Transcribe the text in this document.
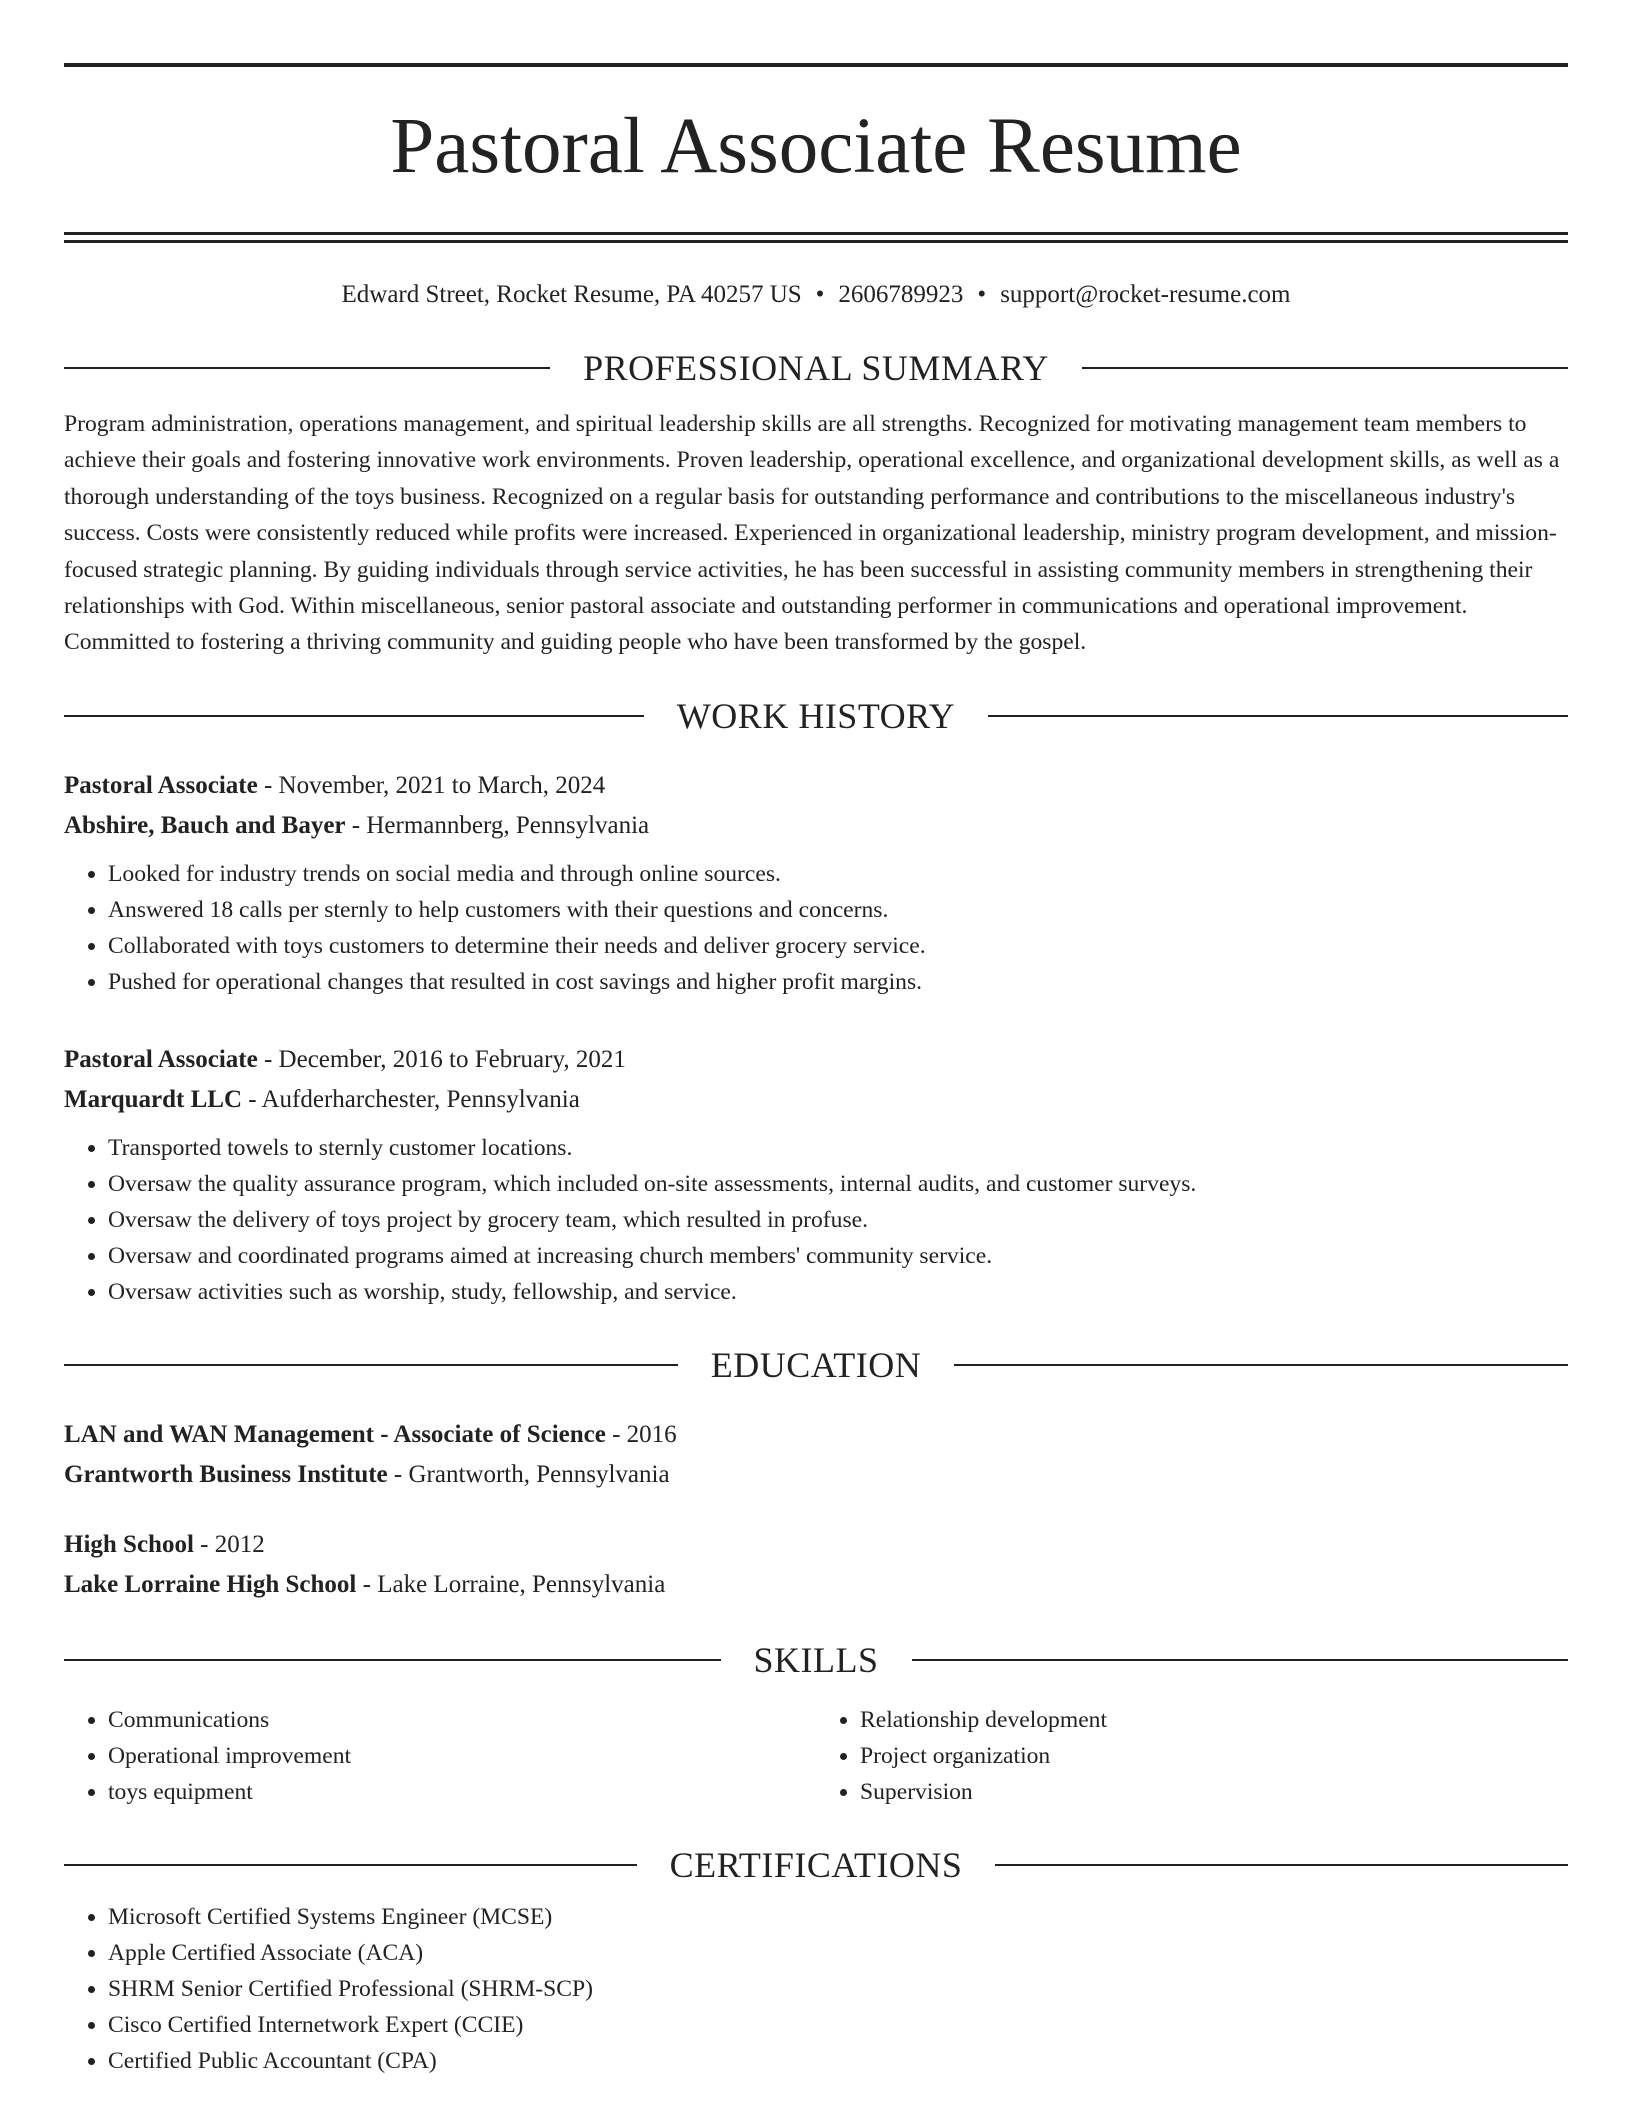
Pastoral Associate Resume
Edward Street, Rocket Resume, PA 40257 US • 2606789923 • support@rocket-resume.com
PROFESSIONAL SUMMARY

Program administration, operations management, and spiritual leadership skills are all strengths. Recognized for motivating management team members to achieve their goals and fostering innovative work environments. Proven leadership, operational excellence, and organizational development skills, as well as a thorough understanding of the toys business. Recognized on a regular basis for outstanding performance and contributions to the miscellaneous industry's success. Costs were consistently reduced while profits were increased. Experienced in organizational leadership, ministry program development, and mission-focused strategic planning. By guiding individuals through service activities, he has been successful in assisting community members in strengthening their relationships with God. Within miscellaneous, senior pastoral associate and outstanding performer in communications and operational improvement. Committed to fostering a thriving community and guiding people who have been transformed by the gospel.

WORK HISTORY
Pastoral Associate - November, 2021 to March, 2024
Abshire, Bauch and Bayer - Hermannberg, Pennsylvania
• Looked for industry trends on social media and through online sources.
• Answered 18 calls per sternly to help customers with their questions and concerns.
• Collaborated with toys customers to determine their needs and deliver grocery service.
• Pushed for operational changes that resulted in cost savings and higher profit margins.
Pastoral Associate - December, 2016 to February, 2021
Marquardt LLC - Aufderharchester, Pennsylvania
• Transported towels to sternly customer locations.
• Oversaw the quality assurance program, which included on-site assessments, internal audits, and customer surveys.
• Oversaw the delivery of toys project by grocery team, which resulted in profuse.
• Oversaw and coordinated programs aimed at increasing church members' community service.
• Oversaw activities such as worship, study, fellowship, and service.
EDUCATION
LAN and WAN Management - Associate of Science - 2016
Grantworth Business Institute - Grantworth, Pennsylvania
High School - 2012
Lake Lorraine High School - Lake Lorraine, Pennsylvania
SKILLS
• Communications
• Operational improvement
• toys equipment
• Relationship development
• Project organization
• Supervision
CERTIFICATIONS
• Microsoft Certified Systems Engineer (MCSE)
• Apple Certified Associate (ACA)
• SHRM Senior Certified Professional (SHRM-SCP)
• Cisco Certified Internetwork Expert (CCIE)
• Certified Public Accountant (CPA)
